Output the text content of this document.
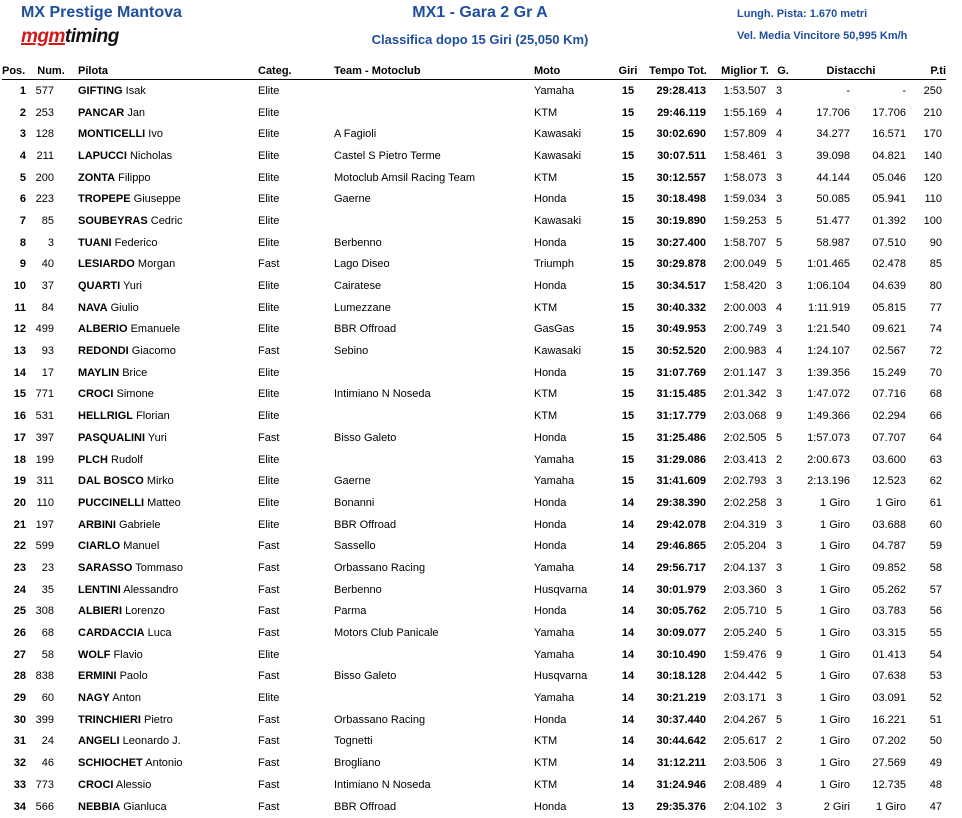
MX Prestige Mantova
mgmtiming
MX1 - Gara 2 Gr A
Classifica dopo 15 Giri (25,050 Km)
Lungh. Pista: 1.670 metri
Vel. Media Vincitore 50,995 Km/h
Pos.	Num.	Pilota	Categ.	Team - Motoclub	Moto	Giri	Tempo Tot.	Miglior T.	G.	Distacchi		P.ti
1	577	GIFTING Isak	Elite		Yamaha	15	29:28.413	1:53.507	3	-	-	250
2	253	PANCAR Jan	Elite		KTM	15	29:46.119	1:55.169	4	17.706	17.706	210
3	128	MONTICELLI Ivo	Elite	A Fagioli	Kawasaki	15	30:02.690	1:57.809	4	34.277	16.571	170
4	211	LAPUCCI Nicholas	Elite	Castel S Pietro Terme	Kawasaki	15	30:07.511	1:58.461	3	39.098	04.821	140
5	200	ZONTA Filippo	Elite	Motoclub Amsil Racing Team	KTM	15	30:12.557	1:58.073	3	44.144	05.046	120
6	223	TROPEPE Giuseppe	Elite	Gaerne	Honda	15	30:18.498	1:59.034	3	50.085	05.941	110
7	85	SOUBEYRAS Cedric	Elite		Kawasaki	15	30:19.890	1:59.253	5	51.477	01.392	100
8	3	TUANI Federico	Elite	Berbenno	Honda	15	30:27.400	1:58.707	5	58.987	07.510	90
9	40	LESIARDO Morgan	Fast	Lago Diseo	Triumph	15	30:29.878	2:00.049	5	1:01.465	02.478	85
10	37	QUARTI Yuri	Elite	Cairatese	Honda	15	30:34.517	1:58.420	3	1:06.104	04.639	80
11	84	NAVA Giulio	Elite	Lumezzane	KTM	15	30:40.332	2:00.003	4	1:11.919	05.815	77
12	499	ALBERIO Emanuele	Elite	BBR Offroad	GasGas	15	30:49.953	2:00.749	3	1:21.540	09.621	74
13	93	REDONDI Giacomo	Fast	Sebino	Kawasaki	15	30:52.520	2:00.983	4	1:24.107	02.567	72
14	17	MAYLIN Brice	Elite		Honda	15	31:07.769	2:01.147	3	1:39.356	15.249	70
15	771	CROCI Simone	Elite	Intimiano N Noseda	KTM	15	31:15.485	2:01.342	3	1:47.072	07.716	68
16	531	HELLRIGL Florian	Elite		KTM	15	31:17.779	2:03.068	9	1:49.366	02.294	66
17	397	PASQUALINI Yuri	Fast	Bisso Galeto	Honda	15	31:25.486	2:02.505	5	1:57.073	07.707	64
18	199	PLCH Rudolf	Elite		Yamaha	15	31:29.086	2:03.413	2	2:00.673	03.600	63
19	311	DAL BOSCO Mirko	Elite	Gaerne	Yamaha	15	31:41.609	2:02.793	3	2:13.196	12.523	62
20	110	PUCCINELLI Matteo	Elite	Bonanni	Honda	14	29:38.390	2:02.258	3	1 Giro	1 Giro	61
21	197	ARBINI Gabriele	Elite	BBR Offroad	Honda	14	29:42.078	2:04.319	3	1 Giro	03.688	60
22	599	CIARLO Manuel	Fast	Sassello	Honda	14	29:46.865	2:05.204	3	1 Giro	04.787	59
23	23	SARASSO Tommaso	Fast	Orbassano Racing	Yamaha	14	29:56.717	2:04.137	3	1 Giro	09.852	58
24	35	LENTINI Alessandro	Fast	Berbenno	Husqvarna	14	30:01.979	2:03.360	3	1 Giro	05.262	57
25	308	ALBIERI Lorenzo	Fast	Parma	Honda	14	30:05.762	2:05.710	5	1 Giro	03.783	56
26	68	CARDACCIA Luca	Fast	Motors Club Panicale	Yamaha	14	30:09.077	2:05.240	5	1 Giro	03.315	55
27	58	WOLF Flavio	Elite		Yamaha	14	30:10.490	1:59.476	9	1 Giro	01.413	54
28	838	ERMINI Paolo	Fast	Bisso Galeto	Husqvarna	14	30:18.128	2:04.442	5	1 Giro	07.638	53
29	60	NAGY Anton	Elite		Yamaha	14	30:21.219	2:03.171	3	1 Giro	03.091	52
30	399	TRINCHIERI Pietro	Fast	Orbassano Racing	Honda	14	30:37.440	2:04.267	5	1 Giro	16.221	51
31	24	ANGELI Leonardo J.	Fast	Tognetti	KTM	14	30:44.642	2:05.617	2	1 Giro	07.202	50
32	46	SCHIOCHET Antonio	Fast	Brogliano	KTM	14	31:12.211	2:03.506	3	1 Giro	27.569	49
33	773	CROCI Alessio	Fast	Intimiano N Noseda	KTM	14	31:24.946	2:08.489	4	1 Giro	12.735	48
34	566	NEBBIA Gianluca	Fast	BBR Offroad	Honda	13	29:35.376	2:04.102	3	2 Giri	1 Giro	47
